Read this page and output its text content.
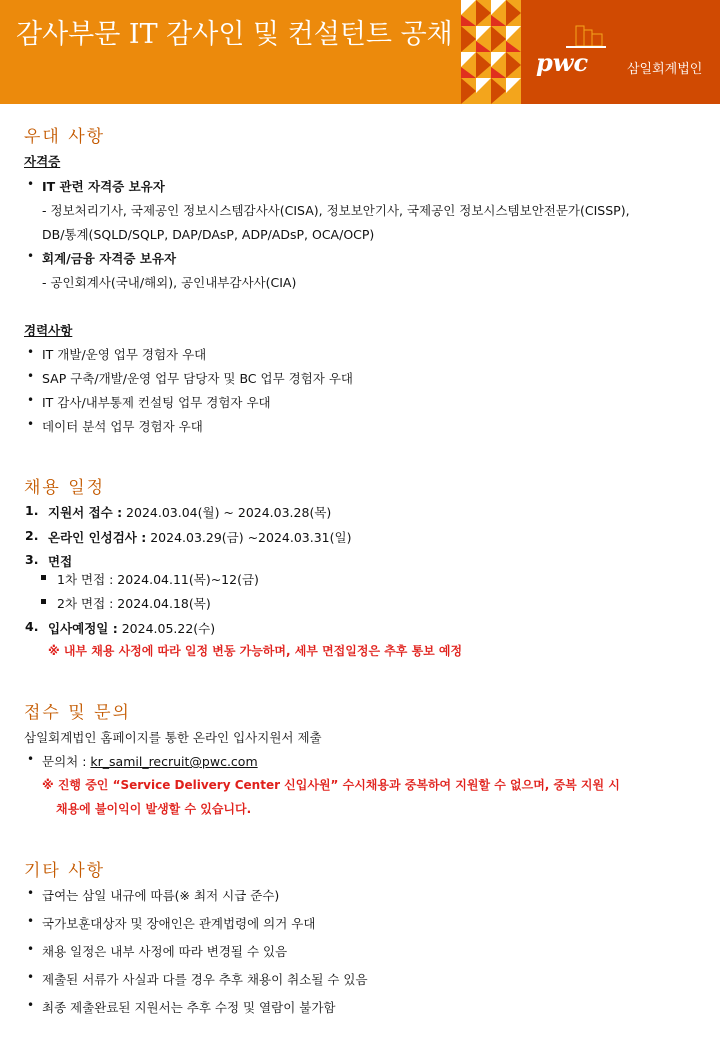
감사부문 IT 감사인 및 컨설턴트 공채
pwc	삼일회계법인
우대 사항
자격증
• IT 관련 자격증 보유자
- 정보처리기사, 국제공인 정보시스템감사사(CISA), 정보보안기사, 국제공인 정보시스템보안전문가(CISSP),
DB/통계(SQLD/SQLP, DAP/DAsP, ADP/ADsP, OCA/OCP)
• 회계/금융 자격증 보유자
- 공인회계사(국내/해외), 공인내부감사사(CIA)
경력사항
• IT 개발/운영 업무 경험자 우대
• SAP 구축/개발/운영 업무 담당자 및 BC 업무 경험자 우대
• IT 감사/내부통제 컨설팅 업무 경험자 우대
• 데이터 분석 업무 경험자 우대
채용 일정
1. 지원서 접수 : 2024.03.04(월) ~ 2024.03.28(목)
2. 온라인 인성검사 : 2024.03.29(금) ~2024.03.31(일)
3. 면접
1차 면접 : 2024.04.11(목)~12(금)
2차 면접 : 2024.04.18(목)
4. 입사예정일 : 2024.05.22(수)
※ 내부 채용 사정에 따라 일정 변동 가능하며, 세부 면접일정은 추후 통보 예정
접수 및 문의
삼일회계법인 홈페이지를 통한 온라인 입사지원서 제출
• 문의처 : kr_samil_recruit@pwc.com
※ 진행 중인 “Service Delivery Center 신입사원” 수시채용과 중복하여 지원할 수 없으며, 중복 지원 시
채용에 불이익이 발생할 수 있습니다.
기타 사항
• 급여는 삼일 내규에 따름(※ 최저 시급 준수)
• 국가보훈대상자 및 장애인은 관계법령에 의거 우대
• 채용 일정은 내부 사정에 따라 변경될 수 있음
• 제출된 서류가 사실과 다를 경우 추후 채용이 취소될 수 있음
• 최종 제출완료된 지원서는 추후 수정 및 열람이 불가함
